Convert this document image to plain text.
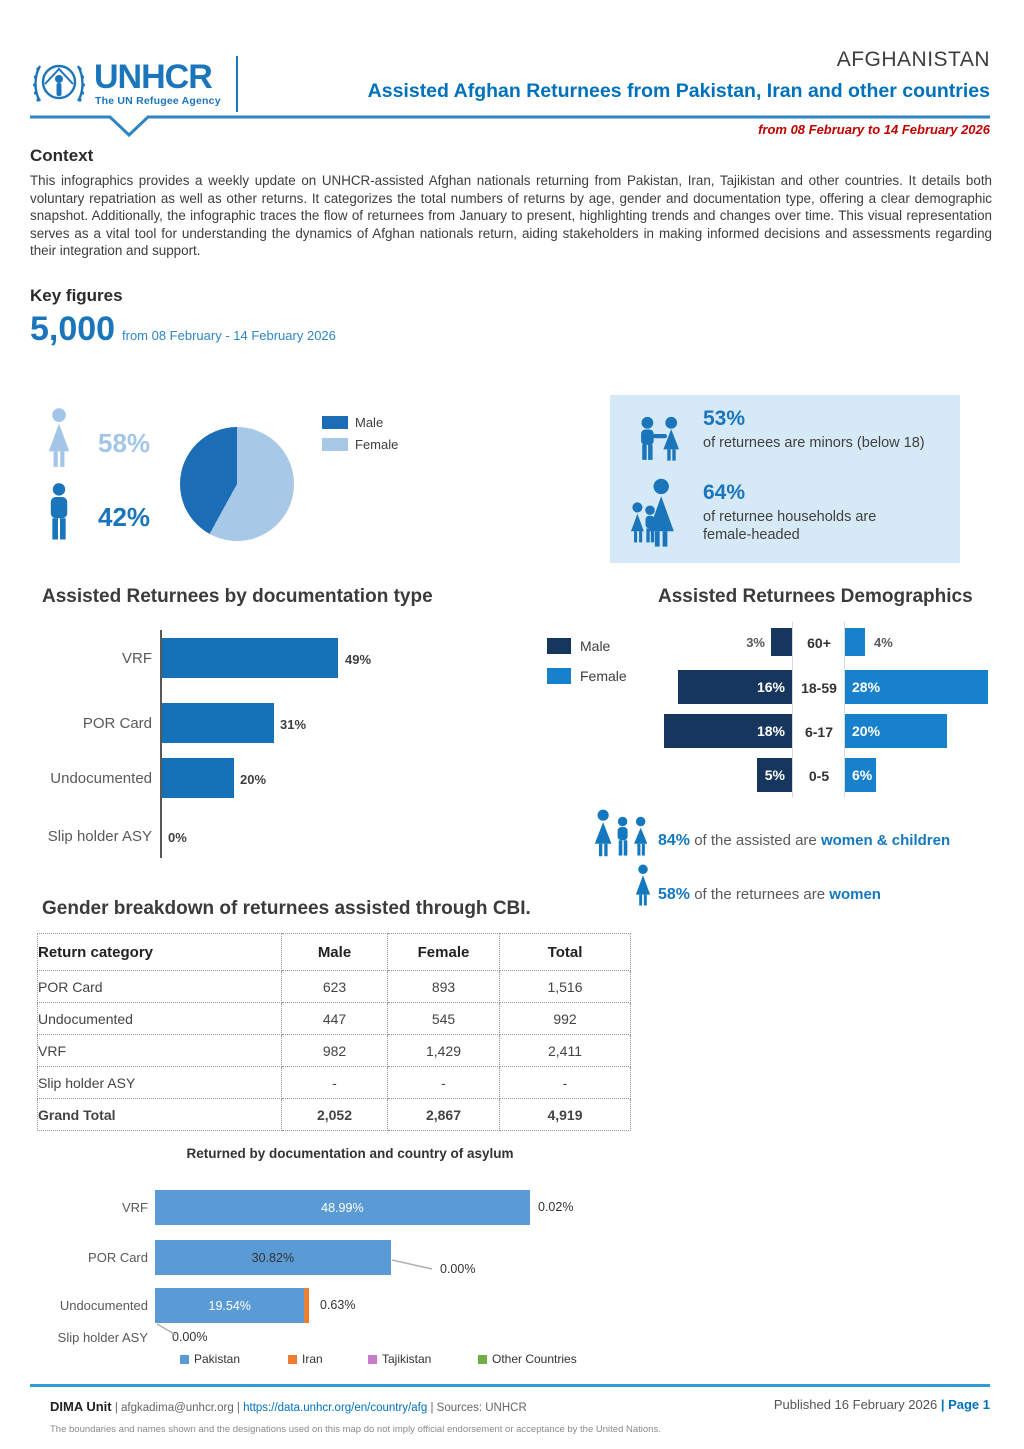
UNHCR
The UN Refugee Agency
AFGHANISTAN
Assisted Afghan Returnees from Pakistan, Iran and other countries
from 08 February to 14 February 2026
Context
This infographics provides a weekly update on UNHCR-assisted Afghan nationals returning from Pakistan, Iran, Tajikistan and other countries. It details both voluntary repatriation as well as other returns. It categorizes the total numbers of returns by age, gender and documentation type, offering a clear demographic snapshot. Additionally, the infographic traces the flow of returnees from January to present, highlighting trends and changes over time. This visual representation serves as a vital tool for understanding the dynamics of Afghan nationals return, aiding stakeholders in making informed decisions and assessments regarding their integration and support.
Key figures
5,000 from 08 February - 14 February 2026
58%
42%
Male
Female
53%
of returnees are minors (below 18)
64%
of returnee households are
female-headed
Assisted Returnees by documentation type
VRF	49%
POR Card	31%
Undocumented	20%
Slip holder ASY 0%
Assisted Returnees Demographics
Male
Female
3%	60+	4%
16%	18-59	28%
18%	6-17	20%
5%	0-5	6%
84% of the assisted are women & children
58% of the returnees are women
Gender breakdown of returnees assisted through CBI.
Return category	Male	Female	Total
POR Card	623	893	1,516
Undocumented	447	545	992
VRF	982	1,429	2,411
Slip holder ASY	-	-	-
Grand Total	2,052	2,867	4,919
Returned by documentation and country of asylum
VRF	48.99%	0.02%
POR Card	30.82%
0.00%
Undocumented	19.54%	0.63%
Slip holder ASY 0.00%
Pakistan	Iran	Tajikistan	Other Countries
DIMA Unit | afgkadima@unhcr.org | https://data.unhcr.org/en/country/afg | Sources: UNHCR	Published 16 February 2026 | Page 1
The boundaries and names shown and the designations used on this map do not imply official endorsement or acceptance by the United Nations.
